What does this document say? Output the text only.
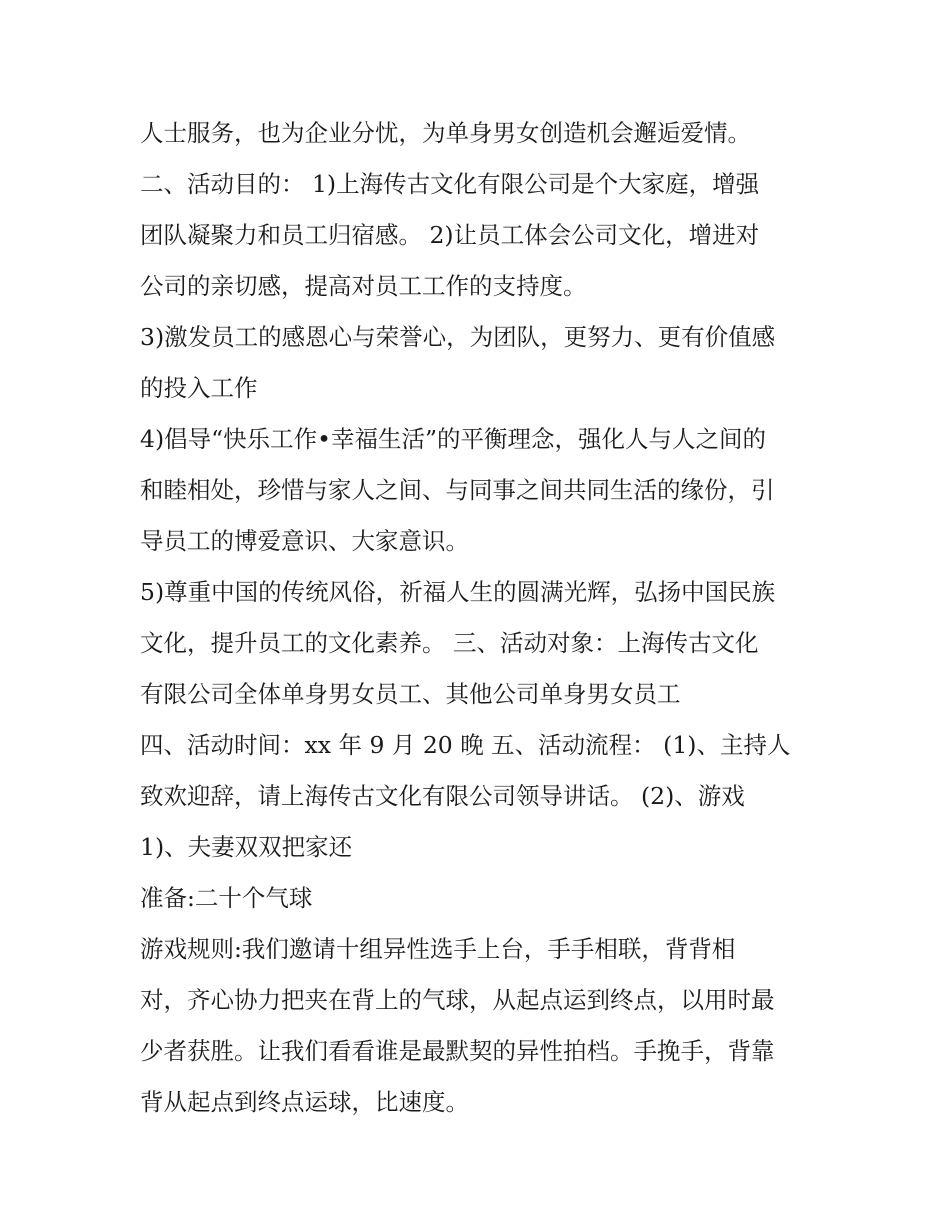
人士服务，也为企业分忧，为单身男女创造机会邂逅爱情。
二、活动目的： 1)上海传古文化有限公司是个大家庭，增强
团队凝聚力和员工归宿感。 2)让员工体会公司文化，增进对
公司的亲切感，提高对员工工作的支持度。
3)激发员工的感恩心与荣誉心，为团队，更努力、更有价值感
的投入工作
4)倡导“快乐工作•幸福生活”的平衡理念，强化人与人之间的
和睦相处，珍惜与家人之间、与同事之间共同生活的缘份，引
导员工的博爱意识、大家意识。
5)尊重中国的传统风俗，祈福人生的圆满光辉，弘扬中国民族
文化，提升员工的文化素养。 三、活动对象：上海传古文化
有限公司全体单身男女员工、其他公司单身男女员工
四、活动时间：xx 年 9 月 20 晚 五、活动流程： (1)、主持人
致欢迎辞，请上海传古文化有限公司领导讲话。 (2)、游戏
1)、夫妻双双把家还
准备:二十个气球
游戏规则:我们邀请十组异性选手上台，手手相联，背背相
对，齐心协力把夹在背上的气球，从起点运到终点，以用时最
少者获胜。让我们看看谁是最默契的异性拍档。手挽手，背靠
背从起点到终点运球，比速度。
